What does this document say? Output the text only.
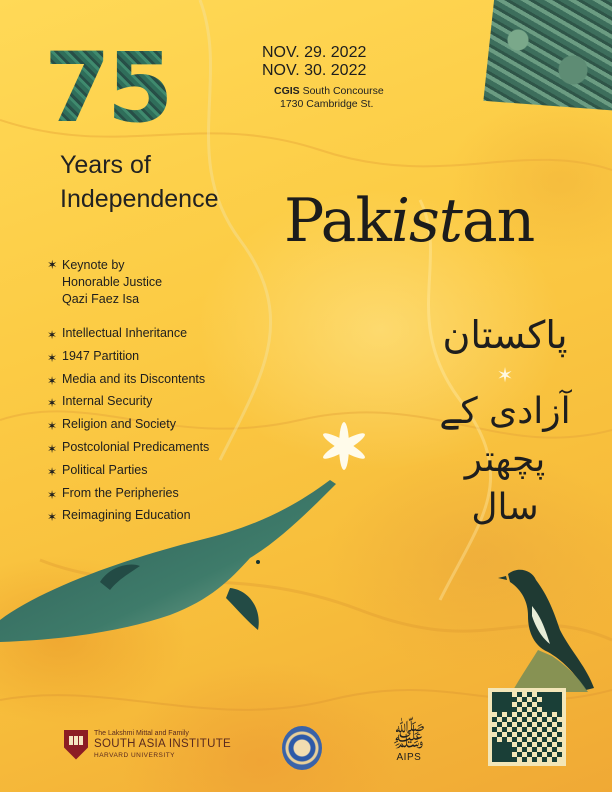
75th
Years of
Independence
NOV. 29. 2022
NOV. 30. 2022
CGIS South Concourse
1730 Cambridge St.
Pakistan
✶ Keynote by
Honorable Justice
Qazi Faez Isa
✶ Intellectual Inheritance
✶ 1947 Partition
✶ Media and its Discontents
✶ Internal Security
✶ Religion and Society
✶ Postcolonial Predicaments
✶ Political Parties
✶ From the Peripheries
✶ Reimagining Education
پاکستان
✶
آزادی کے
پچھتر
سال
The Lakshmi Mittal and Family
SOUTH ASIA INSTITUTE
HARVARD UNIVERSITY
ﷺ
AIPS
